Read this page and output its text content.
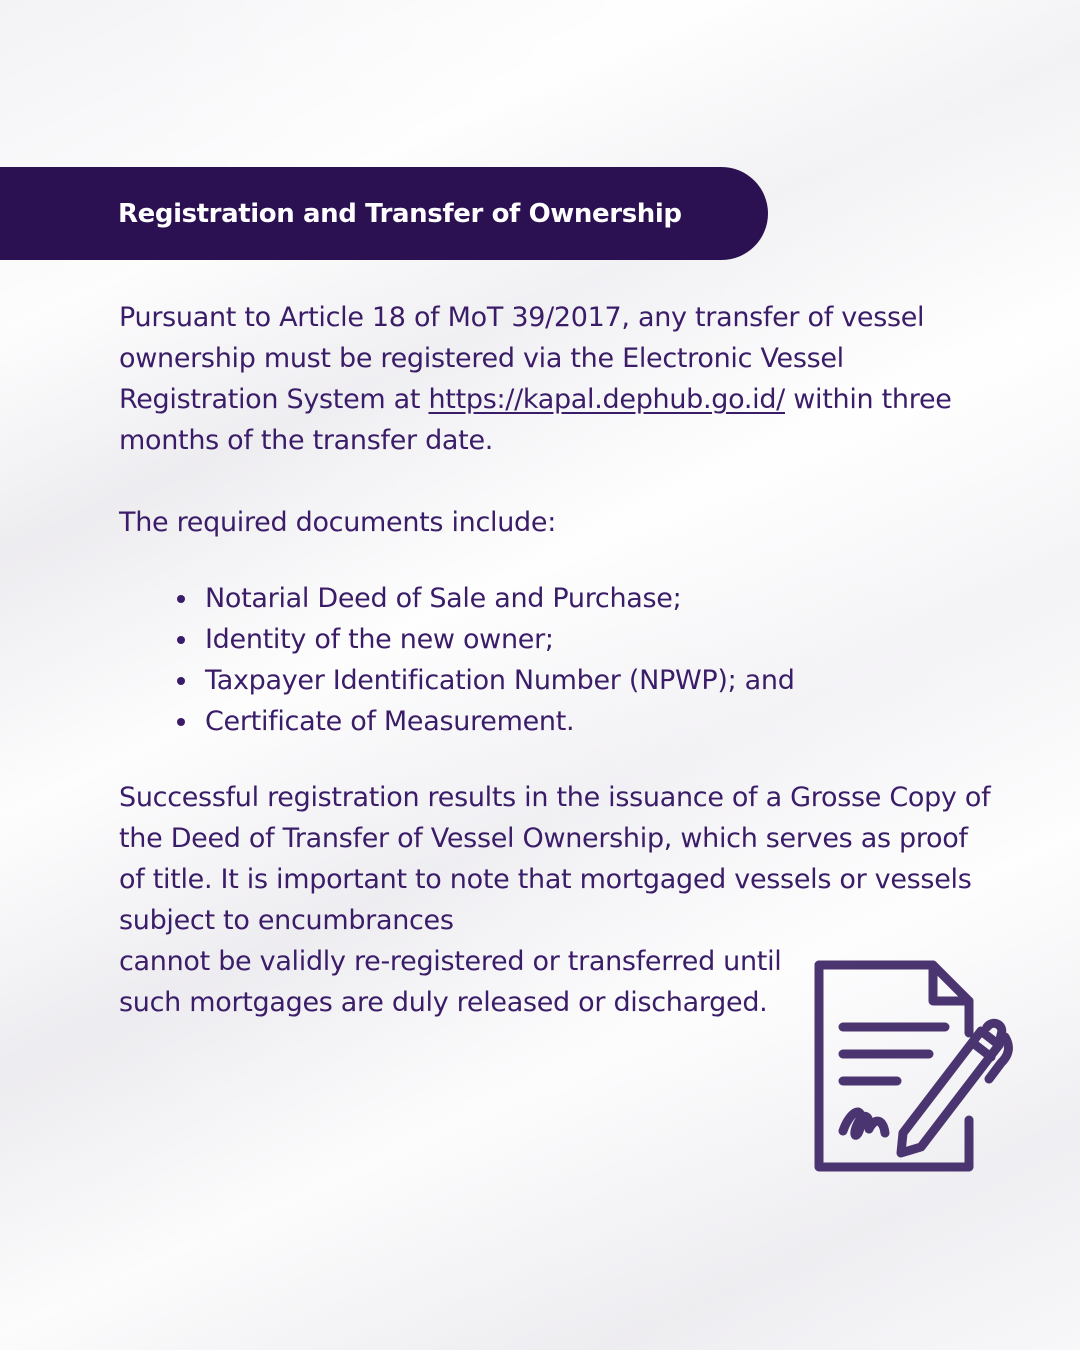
Registration and Transfer of Ownership

Pursuant to Article 18 of MoT 39/2017, any transfer of vessel ownership must be registered via the Electronic Vessel Registration System at https://kapal.dephub.go.id/ within three months of the transfer date.

The required documents include:

Notarial Deed of Sale and Purchase;
Identity of the new owner;
Taxpayer Identification Number (NPWP); and
Certificate of Measurement.

Successful registration results in the issuance of a Grosse Copy of the Deed of Transfer of Vessel Ownership, which serves as proof of title. It is important to note that mortgaged vessels or vessels subject to encumbrances

cannot be validly re-registered or transferred until such mortgages are duly released or discharged.
